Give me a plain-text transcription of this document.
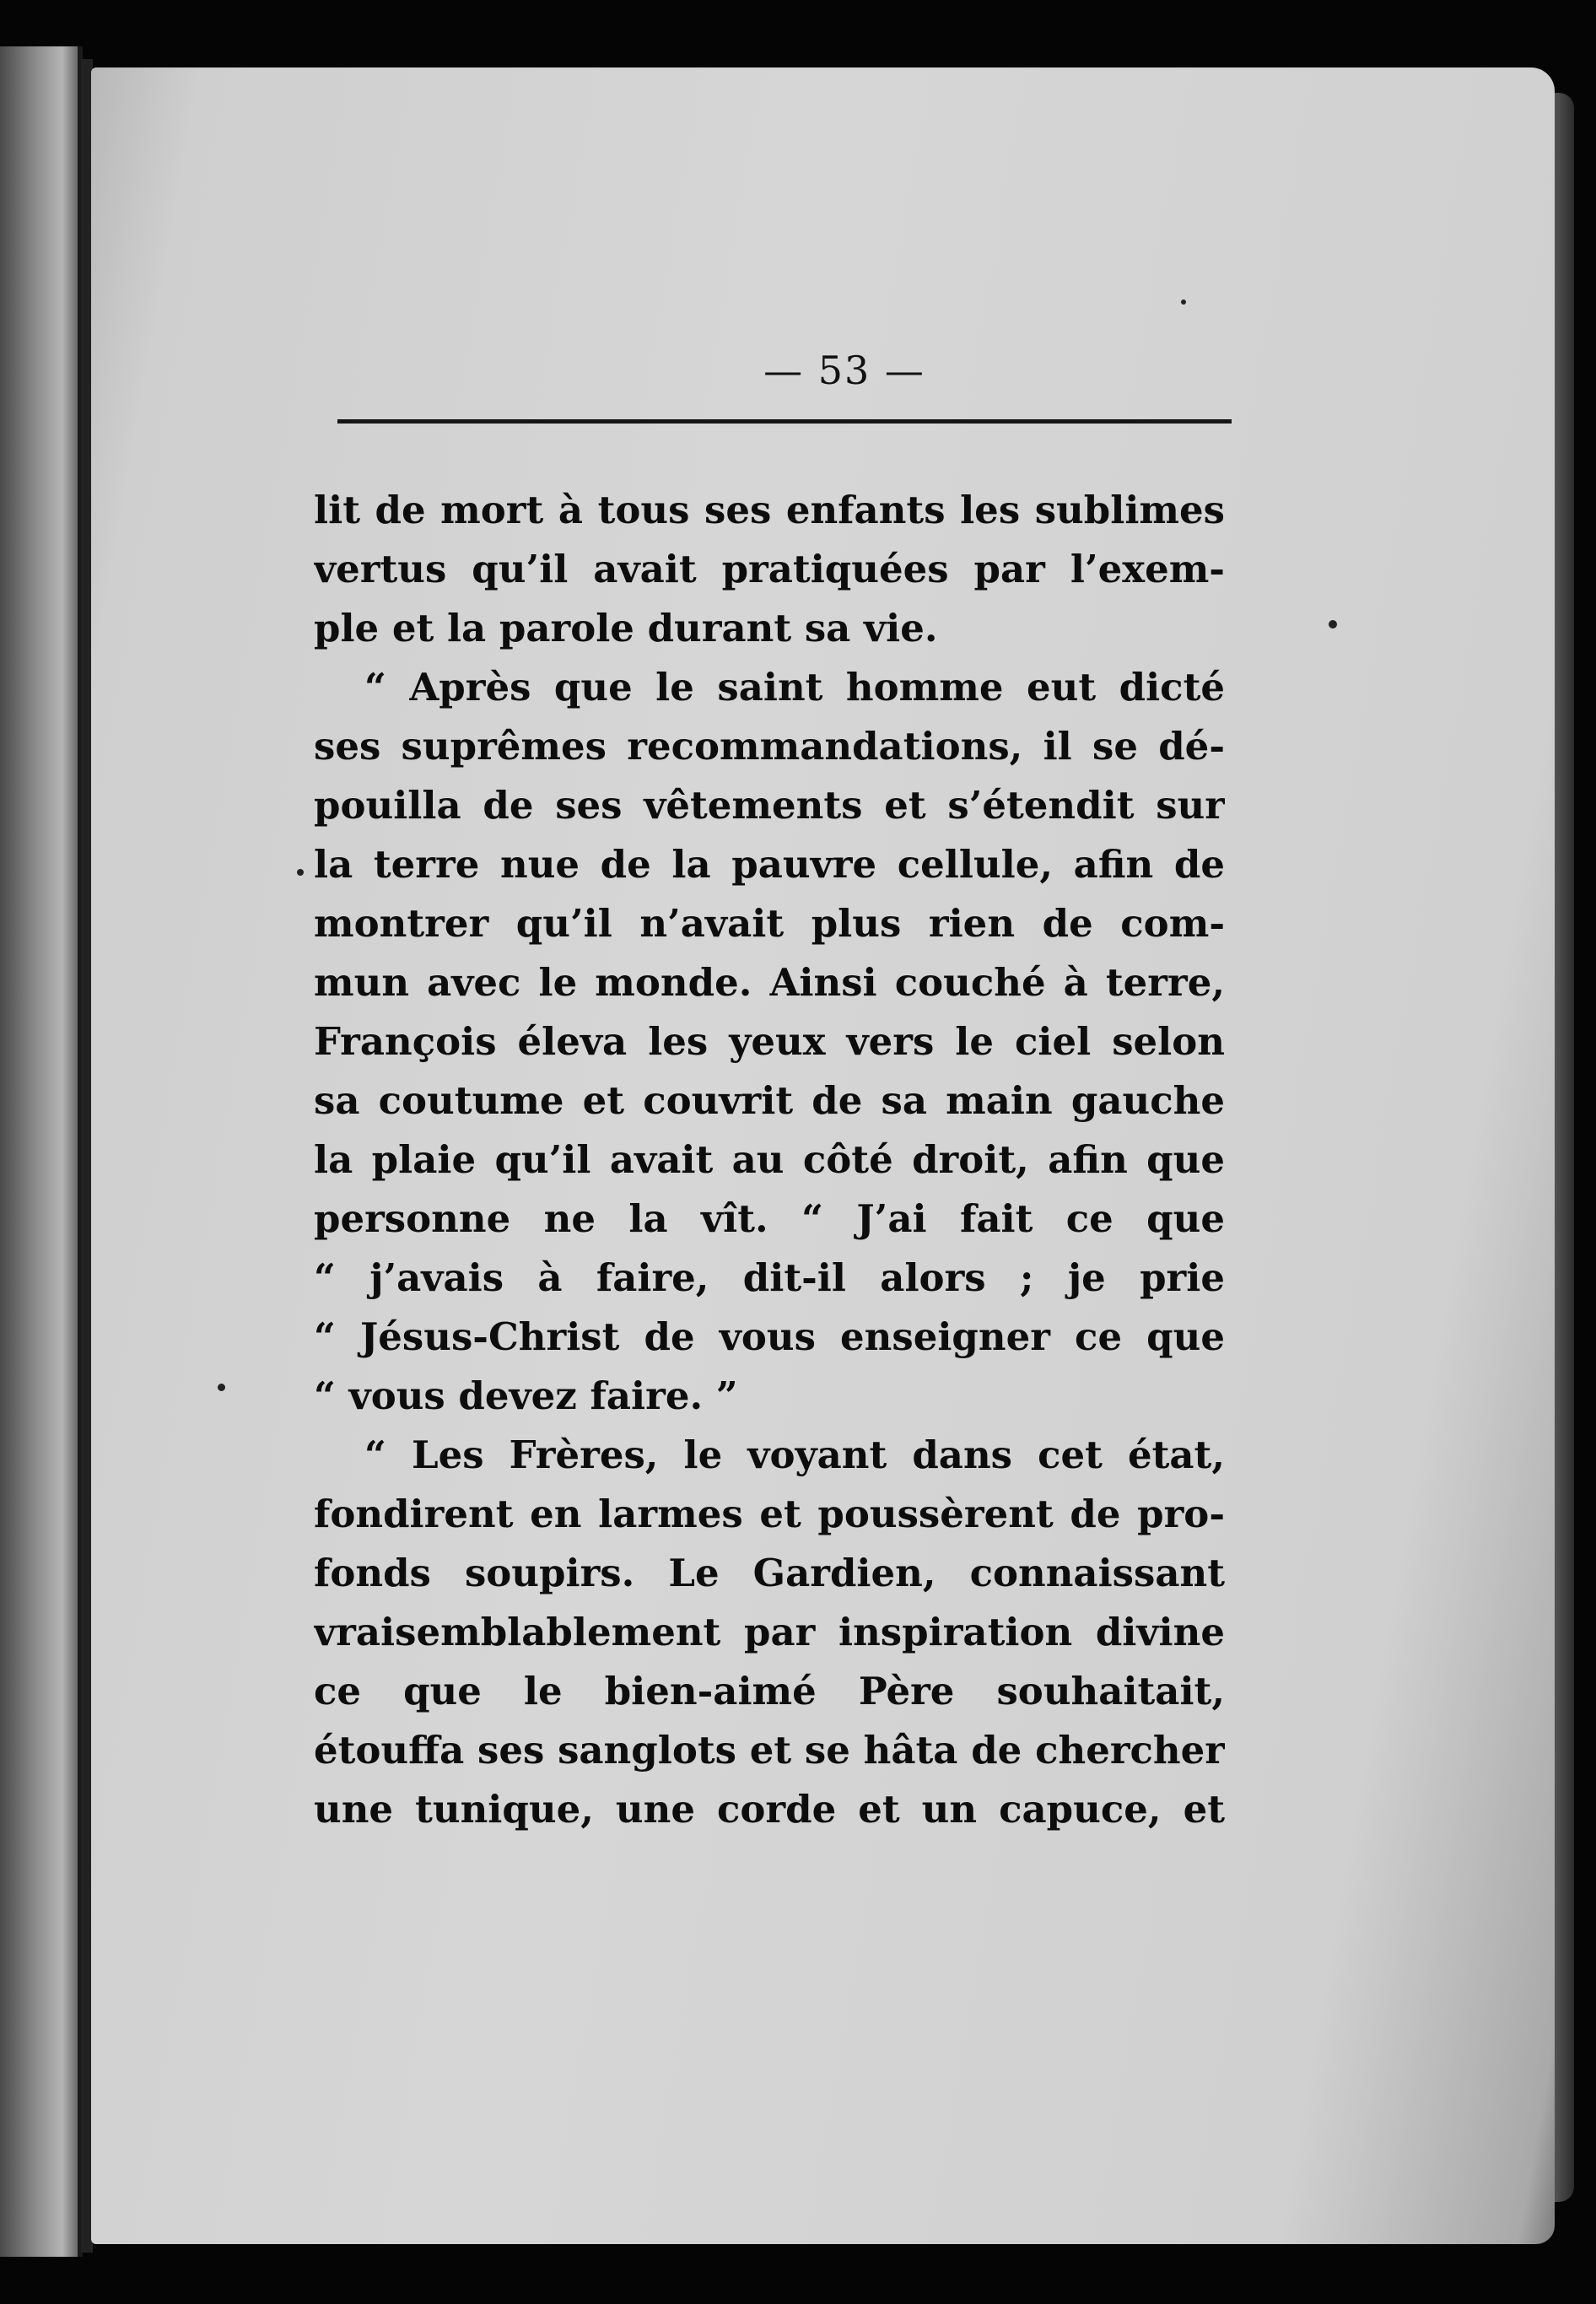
— 53 —
lit de mort à tous ses enfants les sublimes
vertus qu’il avait pratiquées par l’exem-
ple et la parole durant sa vie.
“ Après que le saint homme eut dicté
ses suprêmes recommandations, il se dé-
pouilla de ses vêtements et s’étendit sur
la terre nue de la pauvre cellule, afin de
montrer qu’il n’avait plus rien de com-
mun avec le monde. Ainsi couché à terre,
François éleva les yeux vers le ciel selon
sa coutume et couvrit de sa main gauche
la plaie qu’il avait au côté droit, afin que
personne ne la vît. “ J’ai fait ce que
“ j’avais à faire, dit-il alors ; je prie
“ Jésus-Christ de vous enseigner ce que
“ vous devez faire. ”
“ Les Frères, le voyant dans cet état,
fondirent en larmes et poussèrent de pro-
fonds soupirs. Le Gardien, connaissant
vraisemblablement par inspiration divine
ce que le bien-aimé Père souhaitait,
étouffa ses sanglots et se hâta de chercher
une tunique, une corde et un capuce, et
